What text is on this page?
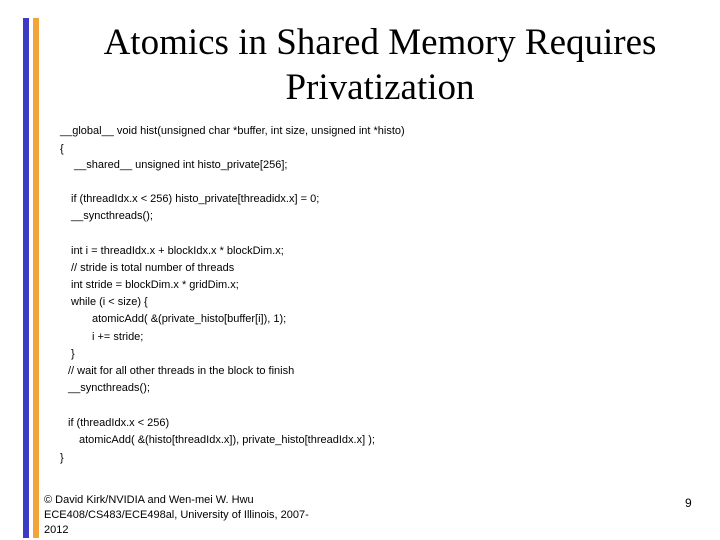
Atomics in Shared Memory Requires
Privatization
__global__ void hist(unsigned char *buffer, int size, unsigned int *histo)
{
__shared__ unsigned int histo_private[256];
if (threadIdx.x < 256) histo_private[threadidx.x] = 0;
__syncthreads();
int i = threadIdx.x + blockIdx.x * blockDim.x;
// stride is total number of threads
int stride = blockDim.x * gridDim.x;
while (i < size) {
atomicAdd( &(private_histo[buffer[i]), 1);
i += stride;
}
// wait for all other threads in the block to finish
__syncthreads();
if (threadIdx.x < 256)
atomicAdd( &(histo[threadIdx.x]), private_histo[threadIdx.x] );
}
© David Kirk/NVIDIA and Wen-mei W. Hwu
ECE408/CS483/ECE498al, University of Illinois, 2007-
2012
9
